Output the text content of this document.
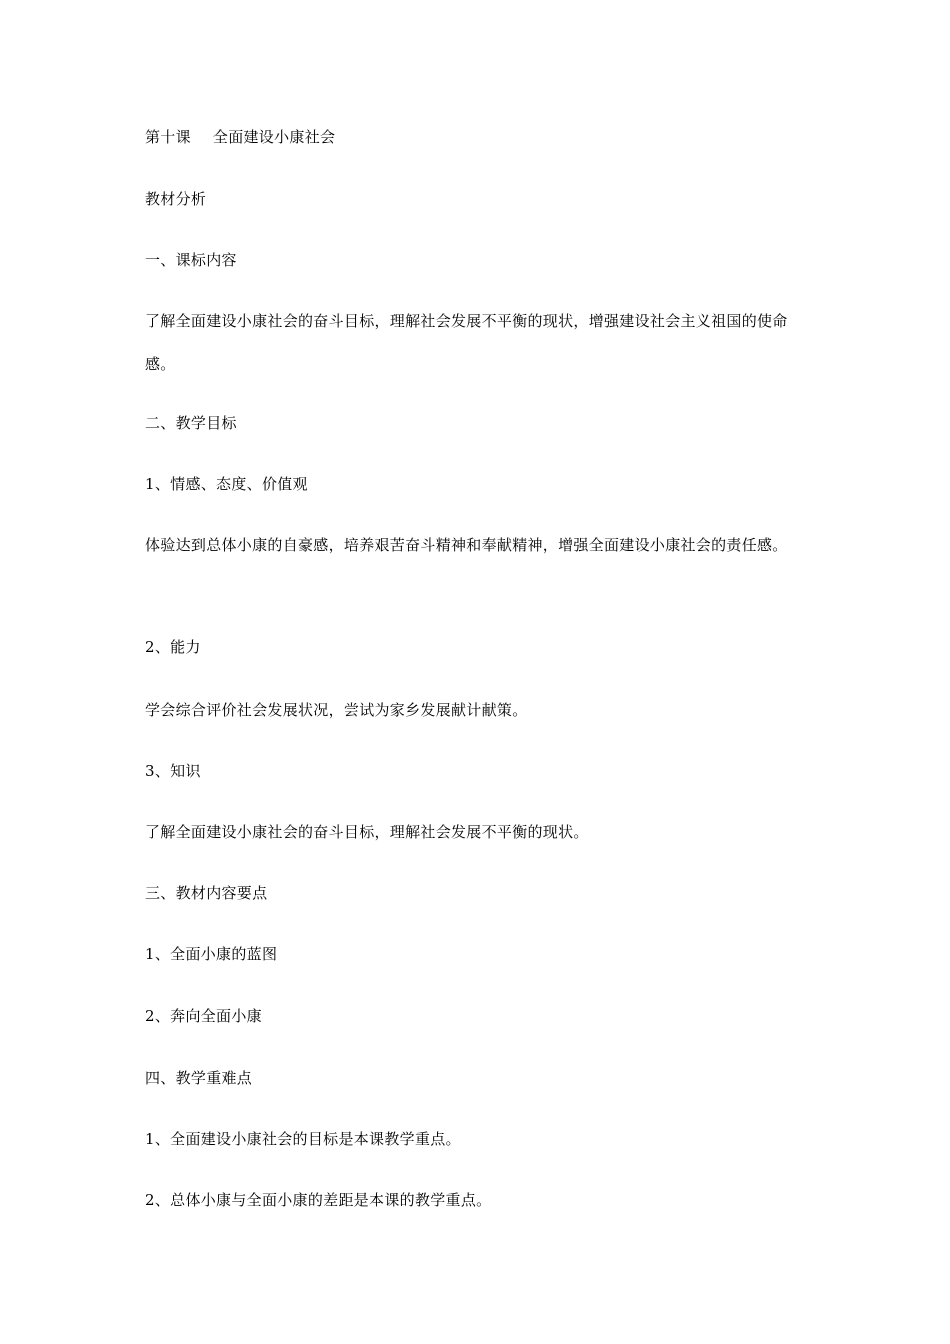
第十课 全面建设小康社会
教材分析
一、课标内容
了解全面建设小康社会的奋斗目标，理解社会发展不平衡的现状，增强建设社会主义祖国的使命感。
二、教学目标
1、情感、态度、价值观
体验达到总体小康的自豪感，培养艰苦奋斗精神和奉献精神，增强全面建设小康社会的责任感。
2、能力
学会综合评价社会发展状况，尝试为家乡发展献计献策。
3、知识
了解全面建设小康社会的奋斗目标，理解社会发展不平衡的现状。
三、教材内容要点
1、全面小康的蓝图
2、奔向全面小康
四、教学重难点
1、全面建设小康社会的目标是本课教学重点。
2、总体小康与全面小康的差距是本课的教学重点。
